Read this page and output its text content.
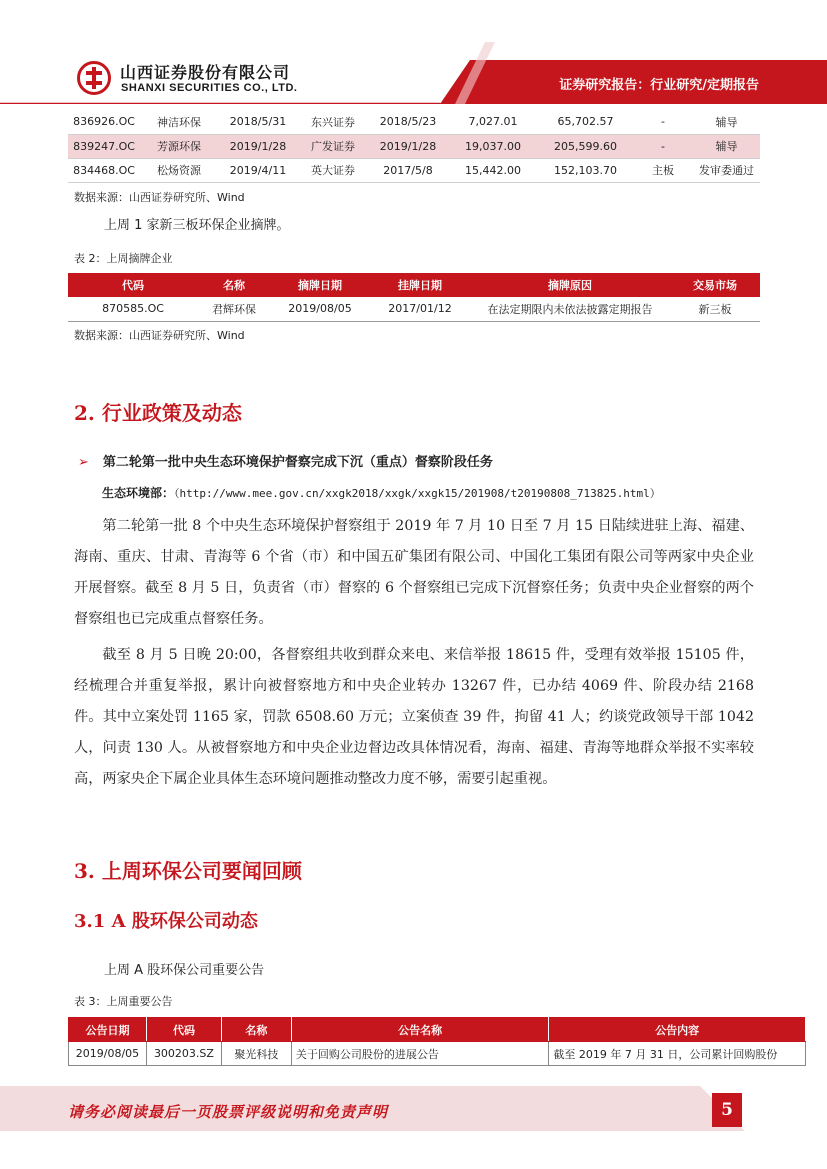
山西证券股份有限公司
SHANXI SECURITIES CO., LTD.	证券研究报告：行业研究/定期报告
836926.OC	神洁环保	2018/5/31	东兴证券	2018/5/23	7,027.01	65,702.57	-	辅导
839247.OC	芳源环保	2019/1/28	广发证券	2019/1/28	19,037.00	205,599.60	-	辅导
834468.OC	松炀资源	2019/4/11	英大证券	2017/5/8	15,442.00	152,103.70	主板	发审委通过
数据来源：山西证券研究所、Wind
上周 1 家新三板环保企业摘牌。
表 2：上周摘牌企业
代码	名称	摘牌日期	挂牌日期	摘牌原因	交易市场
870585.OC	君辉环保	2019/08/05	2017/01/12	在法定期限内未依法披露定期报告	新三板
数据来源：山西证券研究所、Wind
2. 行业政策及动态
➢ 第二轮第一批中央生态环境保护督察完成下沉（重点）督察阶段任务
生态环境部：（http://www.mee.gov.cn/xxgk2018/xxgk/xxgk15/201908/t20190808_713825.html）

第二轮第一批 8 个中央生态环境保护督察组于 2019 年 7 月 10 日至 7 月 15 日陆续进驻上海、福建、海南、重庆、甘肃、青海等 6 个省（市）和中国五矿集团有限公司、中国化工集团有限公司等两家中央企业开展督察。截至 8 月 5 日，负责省（市）督察的 6 个督察组已完成下沉督察任务；负责中央企业督察的两个督察组也已完成重点督察任务。

截至 8 月 5 日晚 20:00，各督察组共收到群众来电、来信举报 18615 件，受理有效举报 15105 件，经梳理合并重复举报，累计向被督察地方和中央企业转办 13267 件，已办结 4069 件、阶段办结 2168 件。其中立案处罚 1165 家，罚款 6508.60 万元；立案侦查 39 件，拘留 41 人；约谈党政领导干部 1042 人，问责 130 人。从被督察地方和中央企业边督边改具体情况看，海南、福建、青海等地群众举报不实率较高，两家央企下属企业具体生态环境问题推动整改力度不够，需要引起重视。

3. 上周环保公司要闻回顾
3.1 A 股环保公司动态
上周 A 股环保公司重要公告
表 3：上周重要公告
公告日期	代码	名称	公告名称	公告内容
2019/08/05	300203.SZ	聚光科技	关于回购公司股份的进展公告	截至 2019 年 7 月 31 日，公司累计回购股份
请务必阅读最后一页股票评级说明和免责声明	5
